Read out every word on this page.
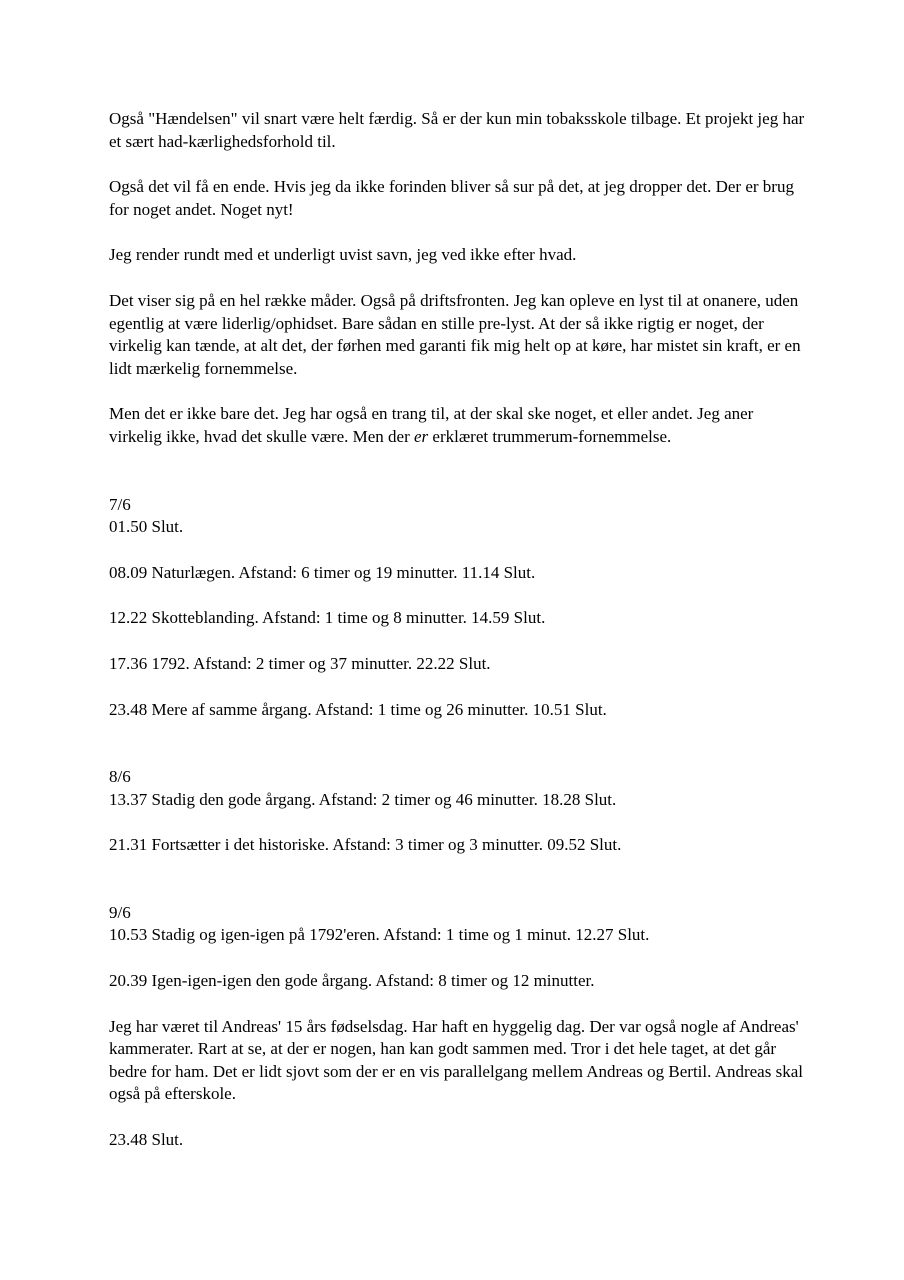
Også "Hændelsen" vil snart være helt færdig. Så er der kun min tobaksskole tilbage. Et projekt jeg har et sært had-kærlighedsforhold til.

Også det vil få en ende. Hvis jeg da ikke forinden bliver så sur på det, at jeg dropper det. Der er brug for noget andet. Noget nyt!

Jeg render rundt med et underligt uvist savn, jeg ved ikke efter hvad.

Det viser sig på en hel række måder. Også på driftsfronten. Jeg kan opleve en lyst til at onanere, uden egentlig at være liderlig/ophidset. Bare sådan en stille pre-lyst. At der så ikke rigtig er noget, der virkelig kan tænde, at alt det, der førhen med garanti fik mig helt op at køre, har mistet sin kraft, er en lidt mærkelig fornemmelse.

Men det er ikke bare det. Jeg har også en trang til, at der skal ske noget, et eller andet. Jeg aner virkelig ikke, hvad det skulle være. Men der er erklæret trummerum-fornemmelse.

7/6

01.50 Slut.

08.09 Naturlægen. Afstand: 6 timer og 19 minutter. 11.14 Slut.

12.22 Skotteblanding. Afstand: 1 time og 8 minutter. 14.59 Slut.

17.36 1792. Afstand: 2 timer og 37 minutter. 22.22 Slut.

23.48 Mere af samme årgang. Afstand: 1 time og 26 minutter. 10.51 Slut.

8/6

13.37 Stadig den gode årgang. Afstand: 2 timer og 46 minutter. 18.28 Slut.

21.31 Fortsætter i det historiske. Afstand: 3 timer og 3 minutter. 09.52 Slut.

9/6

10.53 Stadig og igen-igen på 1792'eren. Afstand: 1 time og 1 minut. 12.27 Slut.

20.39 Igen-igen-igen den gode årgang. Afstand: 8 timer og 12 minutter.

Jeg har været til Andreas' 15 års fødselsdag. Har haft en hyggelig dag. Der var også nogle af Andreas' kammerater. Rart at se, at der er nogen, han kan godt sammen med. Tror i det hele taget, at det går bedre for ham. Det er lidt sjovt som der er en vis parallelgang mellem Andreas og Bertil. Andreas skal også på efterskole.

23.48 Slut.
